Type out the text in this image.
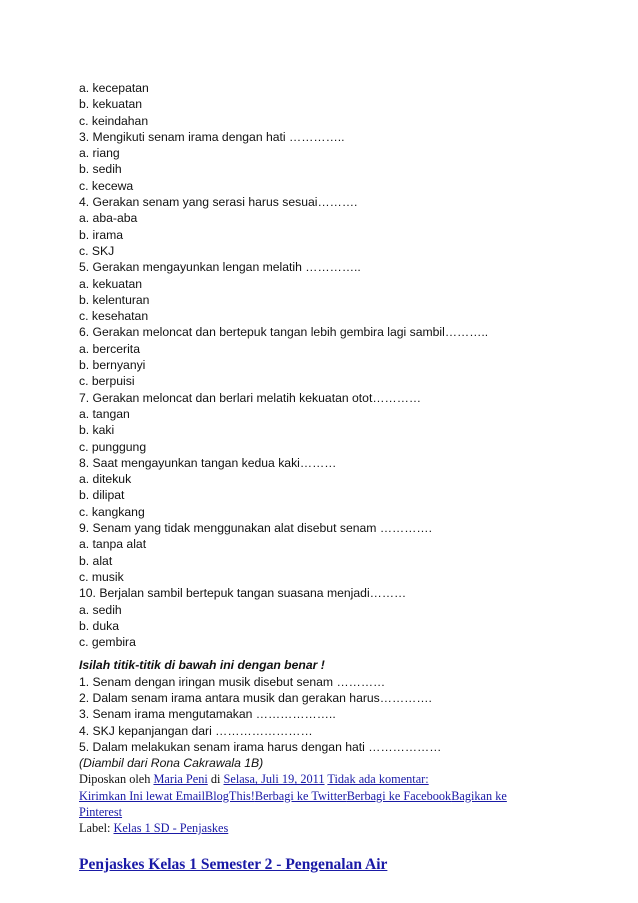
a. kecepatan
b. kekuatan
c. keindahan
3. Mengikuti senam irama dengan hati …………..
a. riang
b. sedih
c. kecewa
4. Gerakan senam yang serasi harus sesuai……….
a. aba-aba
b. irama
c. SKJ
5. Gerakan mengayunkan lengan melatih …………..
a. kekuatan
b. kelenturan
c. kesehatan
6. Gerakan meloncat dan bertepuk tangan lebih gembira lagi sambil………..
a. bercerita
b. bernyanyi
c. berpuisi
7. Gerakan meloncat dan berlari melatih kekuatan otot…………
a. tangan
b. kaki
c. punggung
8. Saat mengayunkan tangan kedua kaki………
a. ditekuk
b. dilipat
c. kangkang
9. Senam yang tidak menggunakan alat disebut senam ………….
a. tanpa alat
b. alat
c. musik
10. Berjalan sambil bertepuk tangan suasana menjadi………
a. sedih
b. duka
c. gembira
Isilah titik-titik di bawah ini dengan benar !
1. Senam dengan iringan musik disebut senam …………
2. Dalam senam irama antara musik dan gerakan harus………….
3. Senam irama mengutamakan ………………..
4. SKJ kepanjangan dari ……………………
5. Dalam melakukan senam irama harus dengan hati ………………
(Diambil dari Rona Cakrawala 1B)
Diposkan oleh Maria Peni di Selasa, Juli 19, 2011 Tidak ada komentar:
Kirimkan Ini lewat EmailBlogThis!Berbagi ke TwitterBerbagi ke FacebookBagikan ke
Pinterest
Label: Kelas 1 SD - Penjaskes
Penjaskes Kelas 1 Semester 2 - Pengenalan Air
